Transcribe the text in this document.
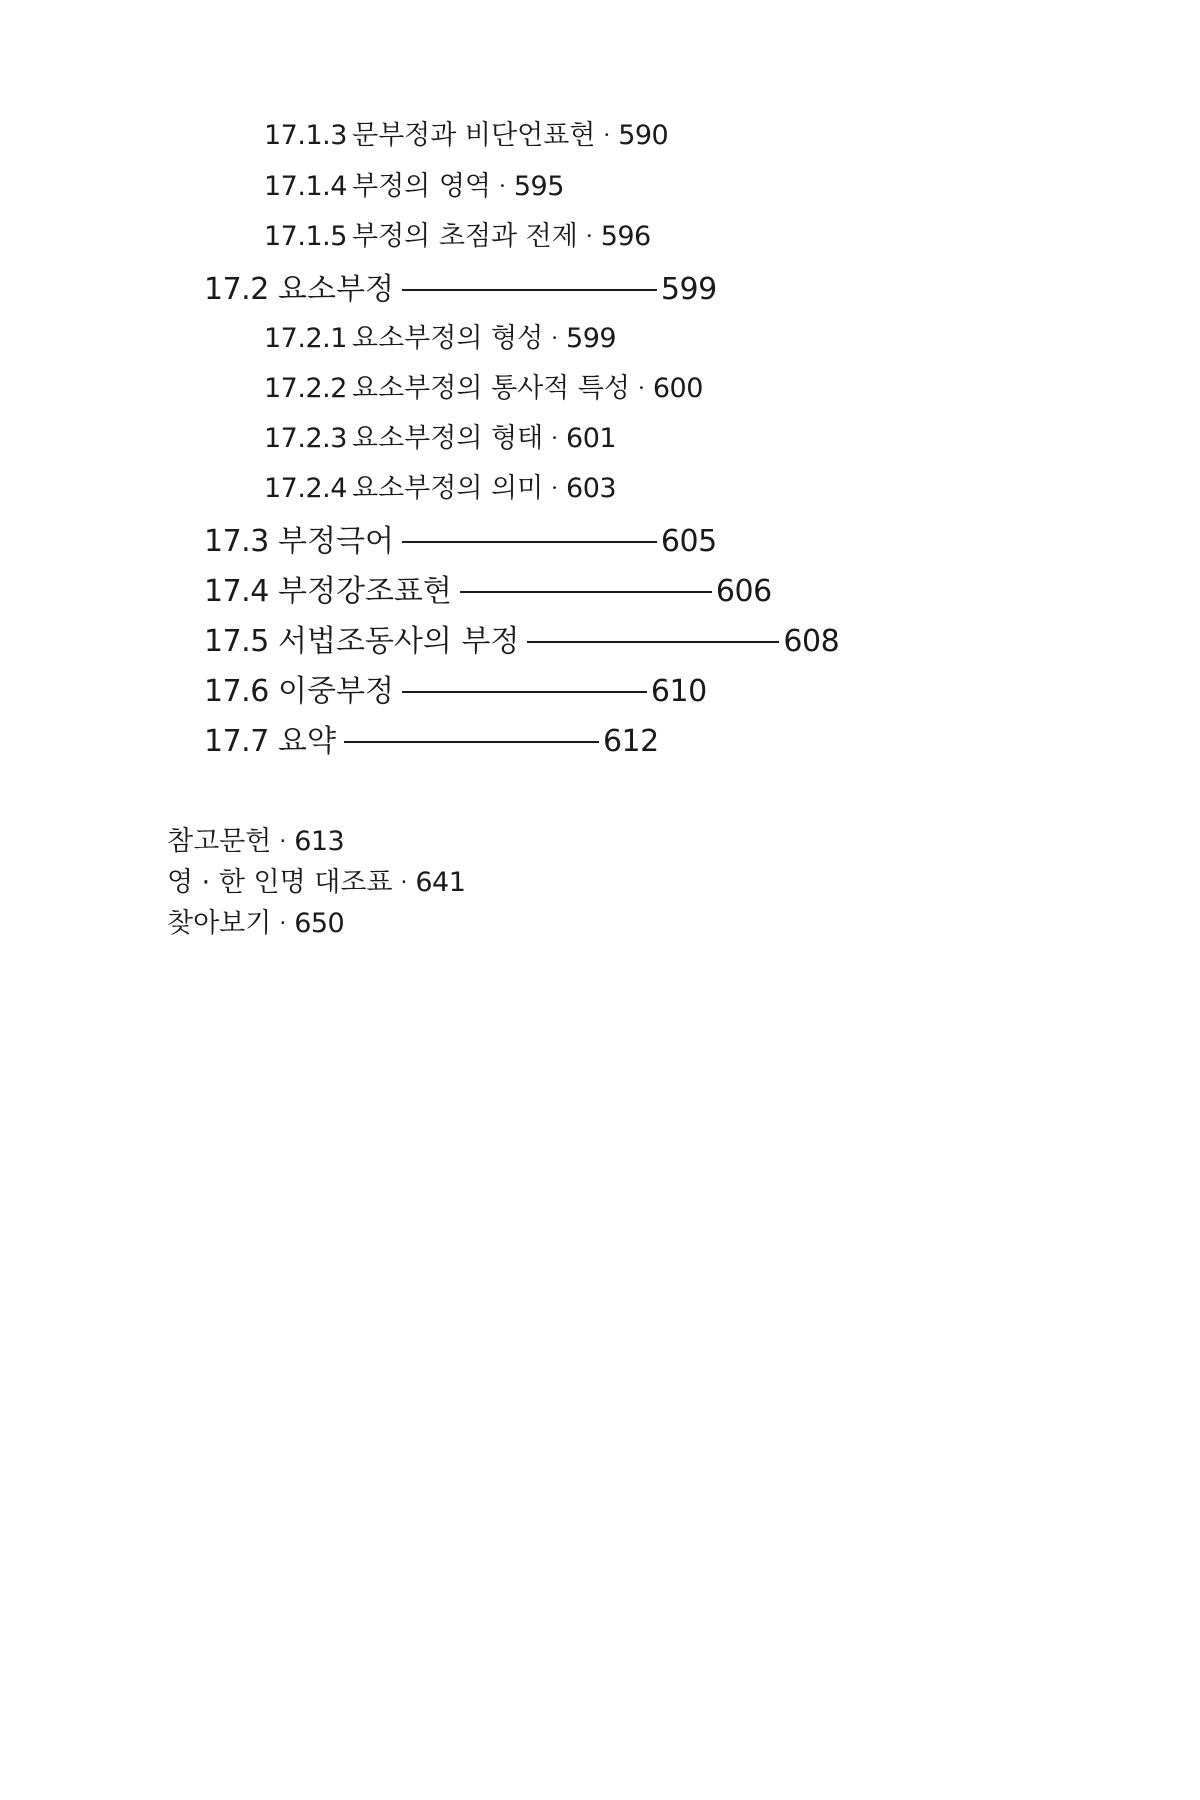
17.1.3 문부정과 비단언표현 · 590
17.1.4 부정의 영역 · 595
17.1.5 부정의 초점과 전제 · 596
17.2 요소부정	599
17.2.1 요소부정의 형성 · 599
17.2.2 요소부정의 통사적 특성 · 600
17.2.3 요소부정의 형태 · 601
17.2.4 요소부정의 의미 · 603
17.3 부정극어	605
17.4 부정강조표현	606
17.5 서법조동사의 부정	608
17.6 이중부정	610
17.7 요약	612
참고문헌 · 613
영 · 한 인명 대조표 · 641
찾아보기 · 650
